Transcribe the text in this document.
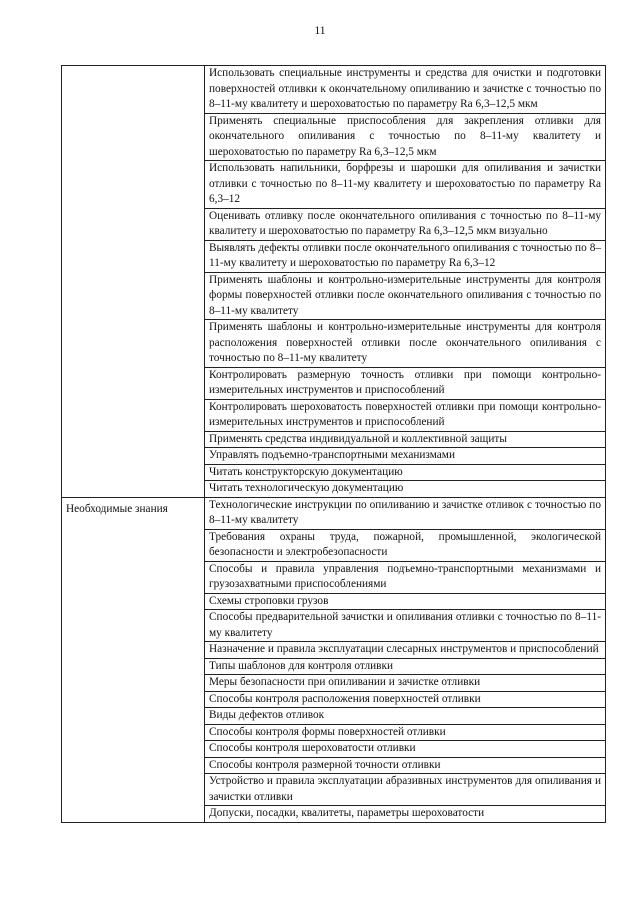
11
	Использовать специальные инструменты и средства для очистки и подготовки поверхностей отливки к окончательному опиливанию и зачистке с точностью по 8–11-му квалитету и шероховатостью по параметру Ra 6,3–12,5 мкм
	Применять специальные приспособления для закрепления отливки для окончательного опиливания с точностью по 8–11-му квалитету и шероховатостью по параметру Ra 6,3–12,5 мкм
	Использовать напильники, борфрезы и шарошки для опиливания и зачистки отливки с точностью по 8–11-му квалитету и шероховатостью по параметру Ra 6,3–12
	Оценивать отливку после окончательного опиливания с точностью по 8–11-му квалитету и шероховатостью по параметру Ra 6,3–12,5 мкм визуально
	Выявлять дефекты отливки после окончательного опиливания с точностью по 8–11-му квалитету и шероховатостью по параметру Ra 6,3–12
	Применять шаблоны и контрольно-измерительные инструменты для контроля формы поверхностей отливки после окончательного опиливания с точностью по 8–11-му квалитету
	Применять шаблоны и контрольно-измерительные инструменты для контроля расположения поверхностей отливки после окончательного опиливания с точностью по 8–11-му квалитету
	Контролировать размерную точность отливки при помощи контрольно-измерительных инструментов и приспособлений
	Контролировать шероховатость поверхностей отливки при помощи контрольно-измерительных инструментов и приспособлений
	Применять средства индивидуальной и коллективной защиты
	Управлять подъемно-транспортными механизмами
	Читать конструкторскую документацию
	Читать технологическую документацию
Необходимые знания	Технологические инструкции по опиливанию и зачистке отливок с точностью по 8–11-му квалитету
	Требования охраны труда, пожарной, промышленной, экологической безопасности и электробезопасности
	Способы и правила управления подъемно-транспортными механизмами и грузозахватными приспособлениями
	Схемы строповки грузов
	Способы предварительной зачистки и опиливания отливки с точностью по 8–11-му квалитету
	Назначение и правила эксплуатации слесарных инструментов и приспособлений
	Типы шаблонов для контроля отливки
	Меры безопасности при опиливании и зачистке отливки
	Способы контроля расположения поверхностей отливки
	Виды дефектов отливок
	Способы контроля формы поверхностей отливки
	Способы контроля шероховатости отливки
	Способы контроля размерной точности отливки
	Устройство и правила эксплуатации абразивных инструментов для опиливания и зачистки отливки
	Допуски, посадки, квалитеты, параметры шероховатости
